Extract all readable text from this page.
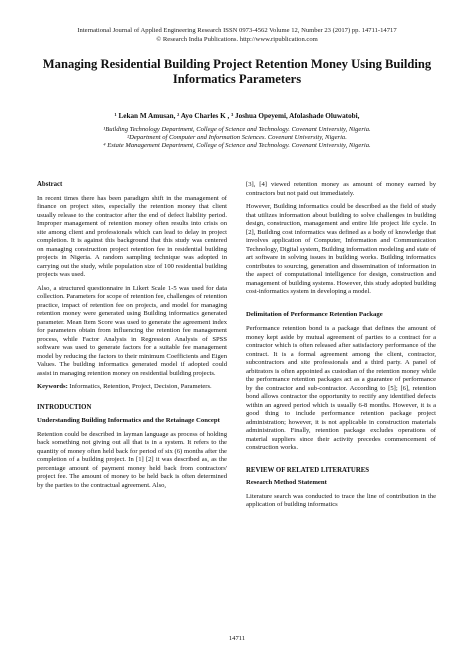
International Journal of Applied Engineering Research ISSN 0973-4562 Volume 12, Number 23 (2017) pp. 14711-14717
© Research India Publications. http://www.ripublication.com
Managing Residential Building Project Retention Money Using Building Informatics Parameters
¹ Lekan M Amusan, ² Ayo Charles K , ³ Joshua Opeyemi, Afolashade Oluwatobi,
¹Building Technology Department, College of Science and Technology. Covenant University, Nigeria.
²Department of Computer and Information Sciences. Covenant University, Nigeria.
⁴ Estate Management Department, College of Science and Technology. Covenant University, Nigeria.
Abstract

In recent times there has been paradigm shift in the management of finance on project sites, especially the retention money that client usually release to the contractor after the end of defect liability period. Improper management of retention money often results into crisis on site among client and professionals which can lead to delay in project completion. It is against this background that this study was centered on managing construction project retention fee in residential building projects in Nigeria. A random sampling technique was adopted in carrying out the study, while population size of 100 residential building projects was used.

Also, a structured questionnaire in Likert Scale 1-5 was used for data collection. Parameters for scope of retention fee, challenges of retention practice, impact of retention fee on projects, and model for managing retention money were generated using Building informatics generated parameter. Mean Item Score was used to generate the agreement index for parameters obtain from influencing the retention fee management process, while Factor Analysis in Regression Analysis of SPSS software was used to generate factors for a suitable fee management model by reducing the factors to their minimum Coefficients and Eigen Values. The building informatics generated model if adopted could assist in managing retention money on residential building projects.

Keywords: Informatics, Retention, Project, Decision, Parameters.

INTRODUCTION
Understanding Building Informatics and the Retainage Concept

Retention could be described in layman language as process of holding back something not giving out all that is in a system. It refers to the quantity of money often held back for period of six (6) months after the completion of a building project. In [1] [2] it was described as, as the percentage amount of payment money held back from contractors' project fee. The amount of money to be held back is often determined by the parties to the contractual agreement. Also,

[3], [4] viewed retention money as amount of money earned by contractors but not paid out immediately.

However, Building informatics could be described as the field of study that utilizes information about building to solve challenges in building design, construction, management and entire life project life cycle. In [2], Building cost informatics was defined as a body of knowledge that involves application of Computer, Information and Communication Technology, Digital system, Building information modeling and state of art software in solving issues in building works. Building informatics contributes to sourcing, generation and dissemination of information in the aspect of computational intelligence for design, construction and management of building systems. However, this study adopted building cost-informatics system in developing a model.

Delimitation of Performance Retention Package

Performance retention bond is a package that defines the amount of money kept aside by mutual agreement of parties to a contract for a contractor which is often released after satisfactory performance of the contract. It is a formal agreement among the client, contractor, subcontractors and site professionals and a third party. A panel of arbitrators is often appointed as custodian of the retention money while the performance retention packages act as a guarantee of performance by the contractor and sub-contractor. According to [5]; [6], retention bond allows contractor the opportunity to rectify any identified defects within an agreed period which is usually 6-8 months. However, it is a good thing to include performance retention package project administration; however, it is not applicable in construction materials administration. Finally, retention package excludes operations of material suppliers since their activity precedes commencement of construction works.

REVIEW OF RELATED LITERATURES
Research Method Statement

Literature search was conducted to trace the line of contribution in the application of building informatics

14711
